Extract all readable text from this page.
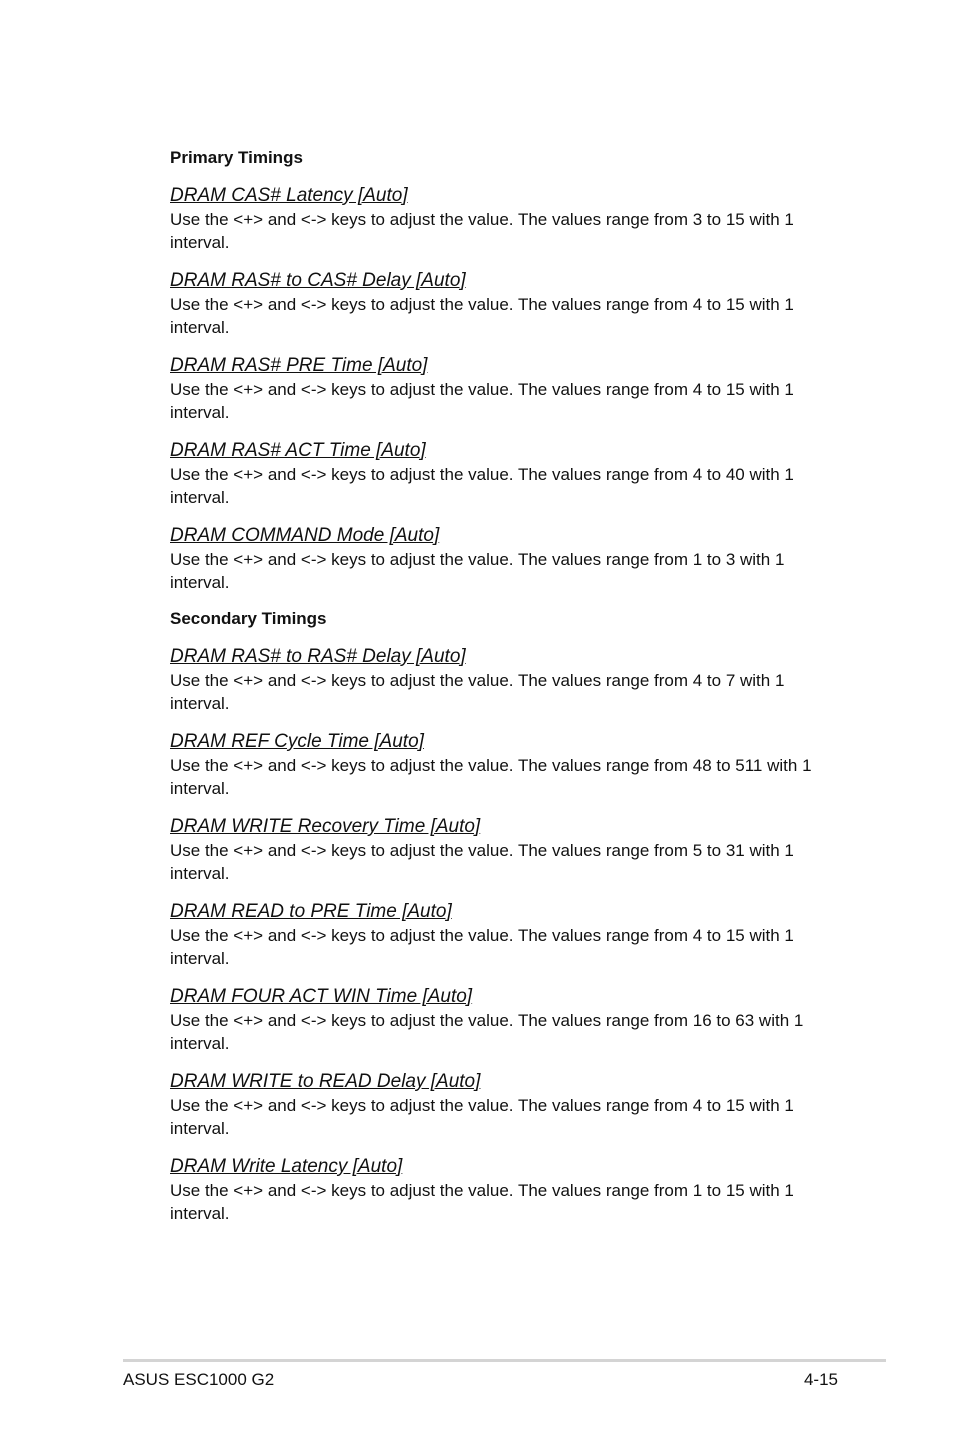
Primary Timings

DRAM CAS# Latency [Auto]

Use the <+> and <-> keys to adjust the value. The values range from 3 to 15 with 1 interval.

DRAM RAS# to CAS# Delay [Auto]

Use the <+> and <-> keys to adjust the value. The values range from 4 to 15 with 1 interval.

DRAM RAS# PRE Time [Auto]

Use the <+> and <-> keys to adjust the value. The values range from 4 to 15 with 1 interval.

DRAM RAS# ACT Time [Auto]

Use the <+> and <-> keys to adjust the value. The values range from 4 to 40 with 1 interval.

DRAM COMMAND Mode [Auto]

Use the <+> and <-> keys to adjust the value. The values range from 1 to 3 with 1 interval.

Secondary Timings

DRAM RAS# to RAS# Delay [Auto]

Use the <+> and <-> keys to adjust the value. The values range from 4 to 7 with 1 interval.

DRAM REF Cycle Time [Auto]

Use the <+> and <-> keys to adjust the value. The values range from 48 to 511 with 1 interval.

DRAM WRITE Recovery Time [Auto]

Use the <+> and <-> keys to adjust the value. The values range from 5 to 31 with 1 interval.

DRAM READ to PRE Time [Auto]

Use the <+> and <-> keys to adjust the value. The values range from 4 to 15 with 1 interval.

DRAM FOUR ACT WIN Time [Auto]

Use the <+> and <-> keys to adjust the value. The values range from 16 to 63 with 1 interval.

DRAM WRITE to READ Delay [Auto]

Use the <+> and <-> keys to adjust the value. The values range from 4 to 15 with 1 interval.

DRAM Write Latency [Auto]

Use the <+> and <-> keys to adjust the value. The values range from 1 to 15 with 1 interval.

ASUS ESC1000 G2	4-15
